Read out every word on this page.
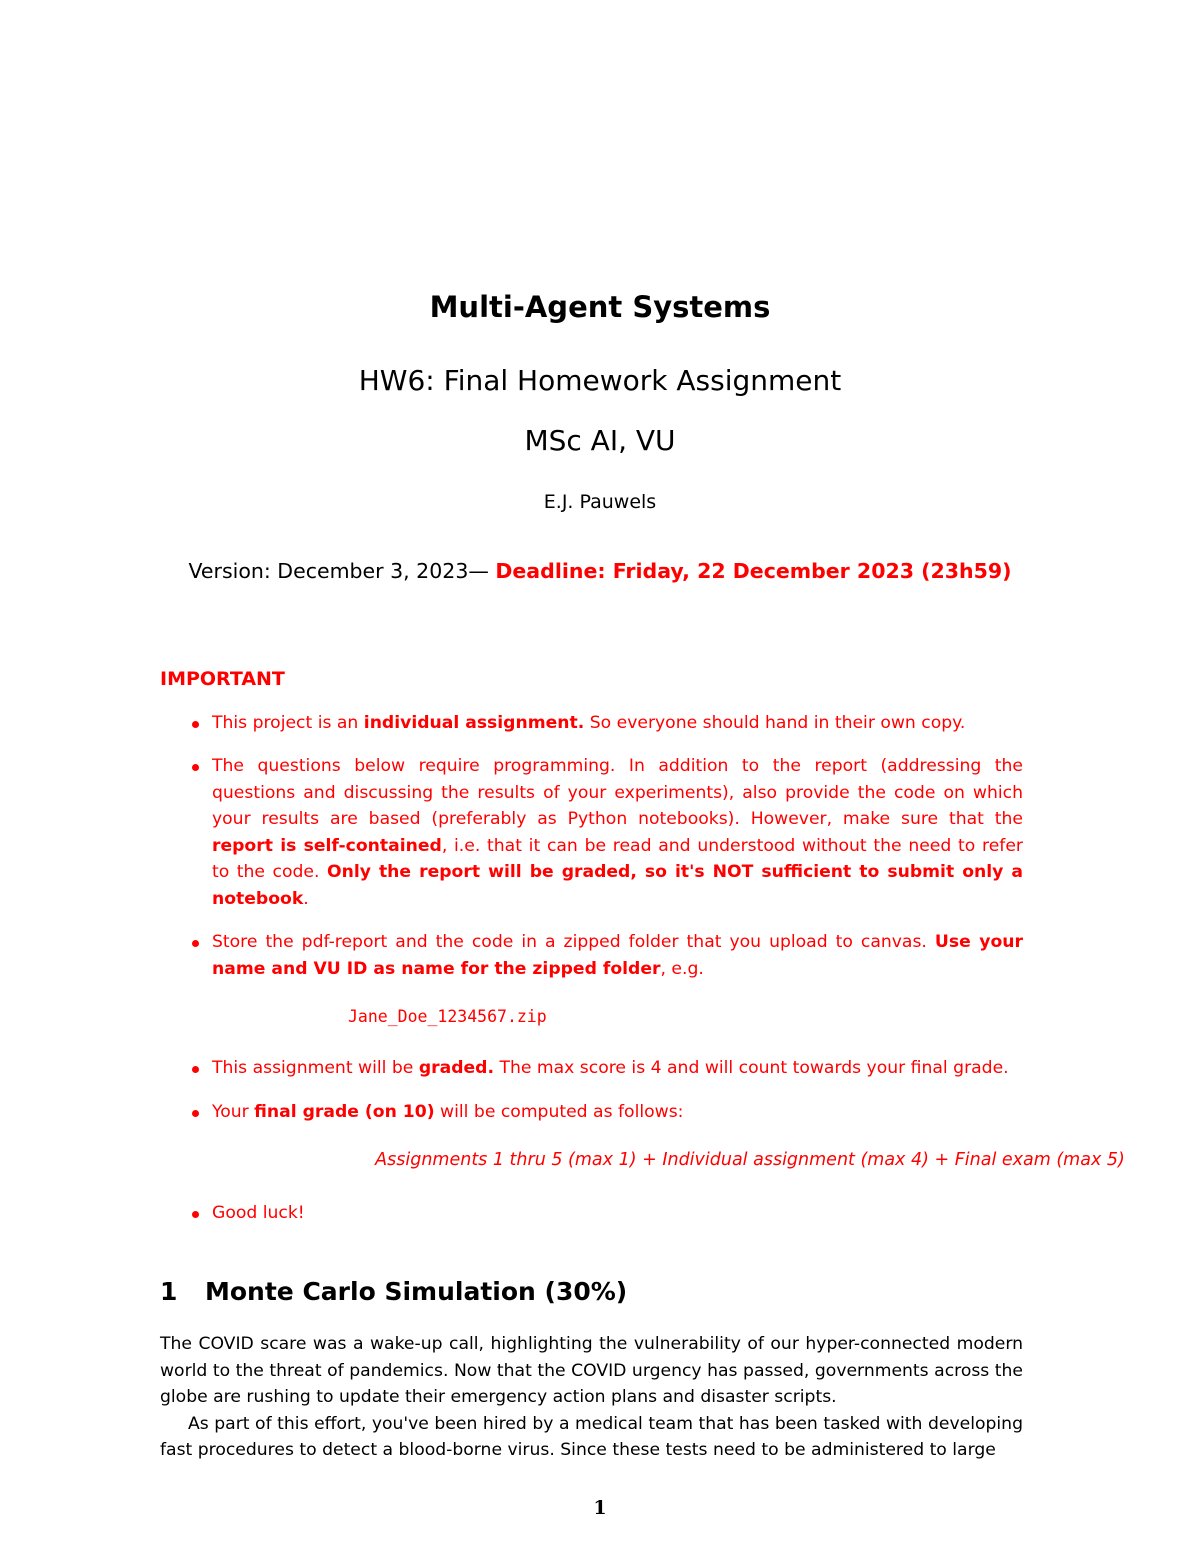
Multi-Agent Systems
HW6: Final Homework Assignment
MSc AI, VU
E.J. Pauwels
Version: December 3, 2023— Deadline: Friday, 22 December 2023 (23h59)
IMPORTANT
This project is an individual assignment. So everyone should hand in their own copy.
The questions below require programming. In addition to the report (addressing the questions and discussing the results of your experiments), also provide the code on which your results are based (preferably as Python notebooks). However, make sure that the report is self-contained, i.e. that it can be read and understood without the need to refer to the code. Only the report will be graded, so it's NOT sufficient to submit only a notebook.
Store the pdf-report and the code in a zipped folder that you upload to canvas. Use your name and VU ID as name for the zipped folder, e.g.
Jane_Doe_1234567.zip
This assignment will be graded. The max score is 4 and will count towards your final grade.
Your final grade (on 10) will be computed as follows:
Assignments 1 thru 5 (max 1) + Individual assignment (max 4) + Final exam (max 5)
Good luck!
1 Monte Carlo Simulation (30%)

The COVID scare was a wake-up call, highlighting the vulnerability of our hyper-connected modern world to the threat of pandemics. Now that the COVID urgency has passed, governments across the globe are rushing to update their emergency action plans and disaster scripts.

As part of this effort, you've been hired by a medical team that has been tasked with developing fast procedures to detect a blood-borne virus. Since these tests need to be administered to large

1
